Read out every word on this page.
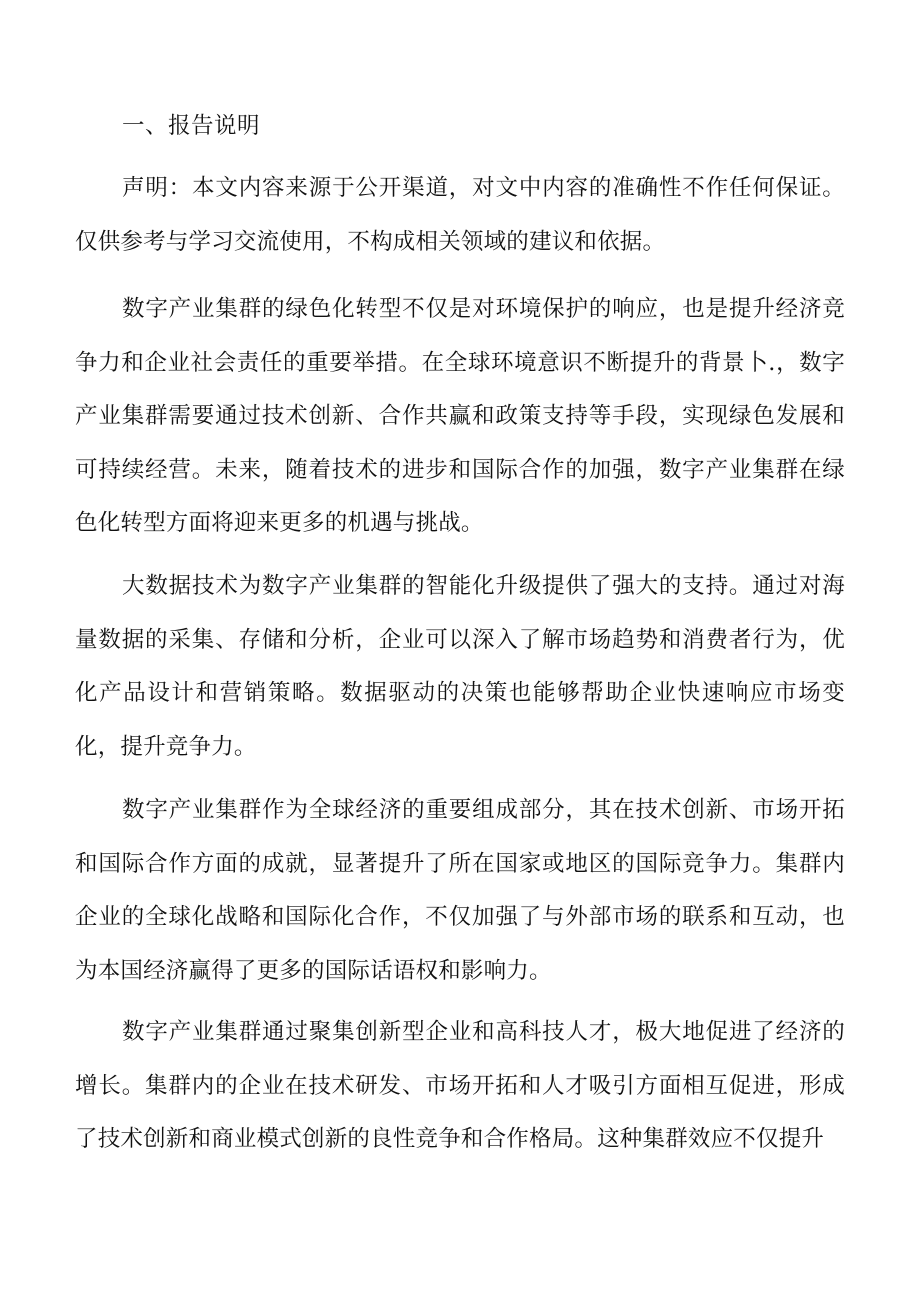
一、报告说明

声明：本文内容来源于公开渠道，对文中内容的准确性不作任何保证。仅供参考与学习交流使用，不构成相关领域的建议和依据。

数字产业集群的绿色化转型不仅是对环境保护的响应，也是提升经济竞争力和企业社会责任的重要举措。在全球环境意识不断提升的背景卜.，数字产业集群需要通过技术创新、合作共赢和政策支持等手段，实现绿色发展和可持续经营。未来，随着技术的进步和国际合作的加强，数字产业集群在绿色化转型方面将迎来更多的机遇与挑战。

大数据技术为数字产业集群的智能化升级提供了强大的支持。通过对海量数据的采集、存储和分析，企业可以深入了解市场趋势和消费者行为，优化产品设计和营销策略。数据驱动的决策也能够帮助企业快速响应市场变化，提升竞争力。

数字产业集群作为全球经济的重要组成部分，其在技术创新、市场开拓和国际合作方面的成就，显著提升了所在国家或地区的国际竞争力。集群内企业的全球化战略和国际化合作，不仅加强了与外部市场的联系和互动，也为本国经济赢得了更多的国际话语权和影响力。

数字产业集群通过聚集创新型企业和高科技人才，极大地促进了经济的增长。集群内的企业在技术研发、市场开拓和人才吸引方面相互促进，形成了技术创新和商业模式创新的良性竞争和合作格局。这种集群效应不仅提升
